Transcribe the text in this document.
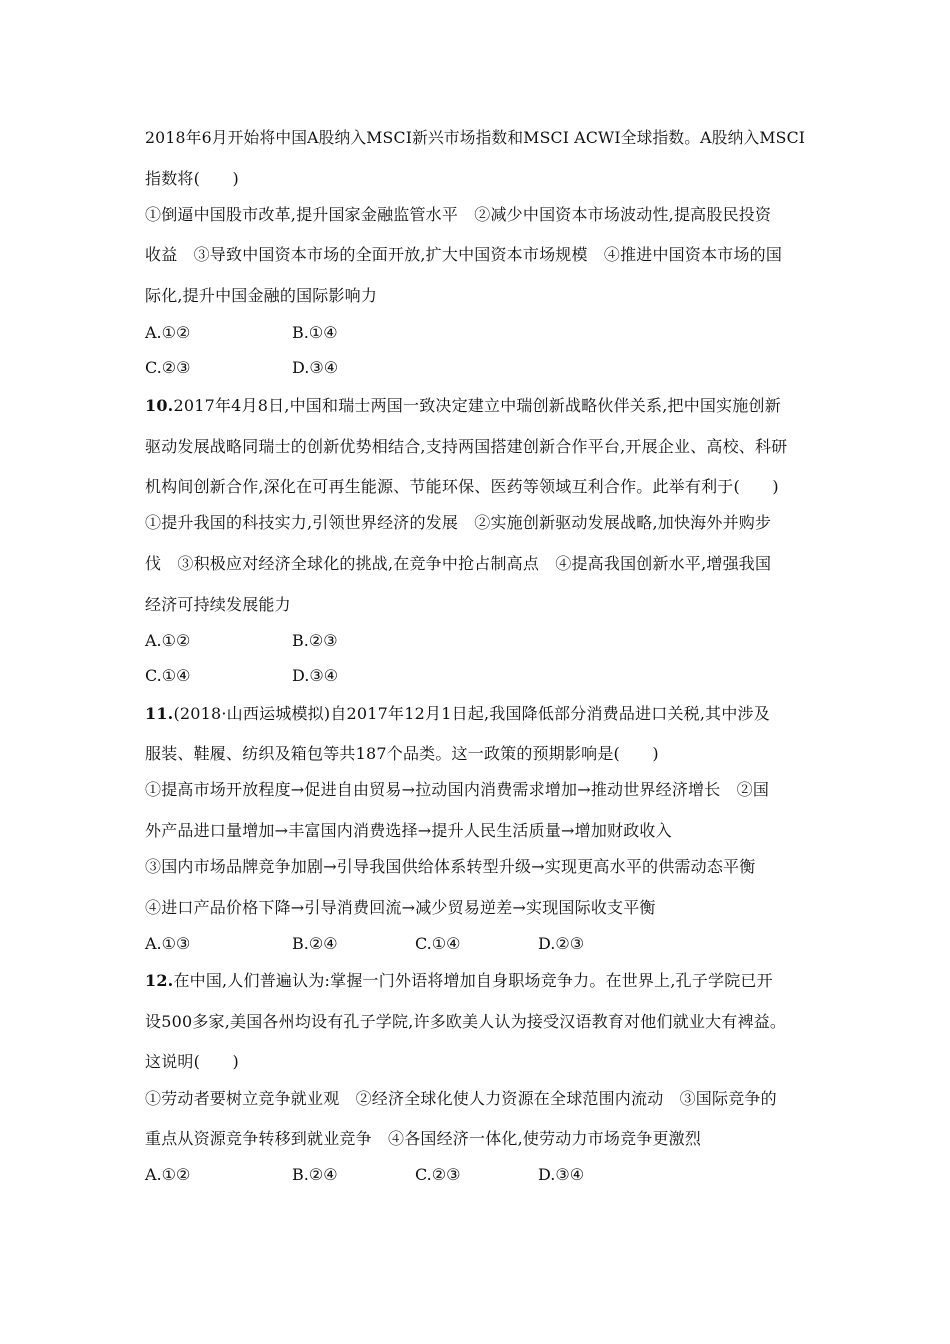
2018年6月开始将中国A股纳入MSCI新兴市场指数和MSCI ACWI全球指数。A股纳入MSCI
指数将(　　)
①倒逼中国股市改革,提升国家金融监管水平　②减少中国资本市场波动性,提高股民投资
收益　③导致中国资本市场的全面开放,扩大中国资本市场规模　④推进中国资本市场的国
际化,提升中国金融的国际影响力
A.①②	B.①④
C.②③	D.③④
10.2017年4月8日,中国和瑞士两国一致决定建立中瑞创新战略伙伴关系,把中国实施创新
驱动发展战略同瑞士的创新优势相结合,支持两国搭建创新合作平台,开展企业、高校、科研
机构间创新合作,深化在可再生能源、节能环保、医药等领域互利合作。此举有利于(　　)
①提升我国的科技实力,引领世界经济的发展　②实施创新驱动发展战略,加快海外并购步
伐　③积极应对经济全球化的挑战,在竞争中抢占制高点　④提高我国创新水平,增强我国
经济可持续发展能力
A.①②	B.②③
C.①④	D.③④
11.(2018·山西运城模拟)自2017年12月1日起,我国降低部分消费品进口关税,其中涉及
服装、鞋履、纺织及箱包等共187个品类。这一政策的预期影响是(　　)
①提高市场开放程度→促进自由贸易→拉动国内消费需求增加→推动世界经济增长　②国
外产品进口量增加→丰富国内消费选择→提升人民生活质量→增加财政收入
③国内市场品牌竞争加剧→引导我国供给体系转型升级→实现更高水平的供需动态平衡
④进口产品价格下降→引导消费回流→减少贸易逆差→实现国际收支平衡
A.①③	B.②④	C.①④	D.②③
12.在中国,人们普遍认为:掌握一门外语将增加自身职场竞争力。在世界上,孔子学院已开
设500多家,美国各州均设有孔子学院,许多欧美人认为接受汉语教育对他们就业大有裨益。
这说明(　　)
①劳动者要树立竞争就业观　②经济全球化使人力资源在全球范围内流动　③国际竞争的
重点从资源竞争转移到就业竞争　④各国经济一体化,使劳动力市场竞争更激烈
A.①②	B.②④	C.②③	D.③④
